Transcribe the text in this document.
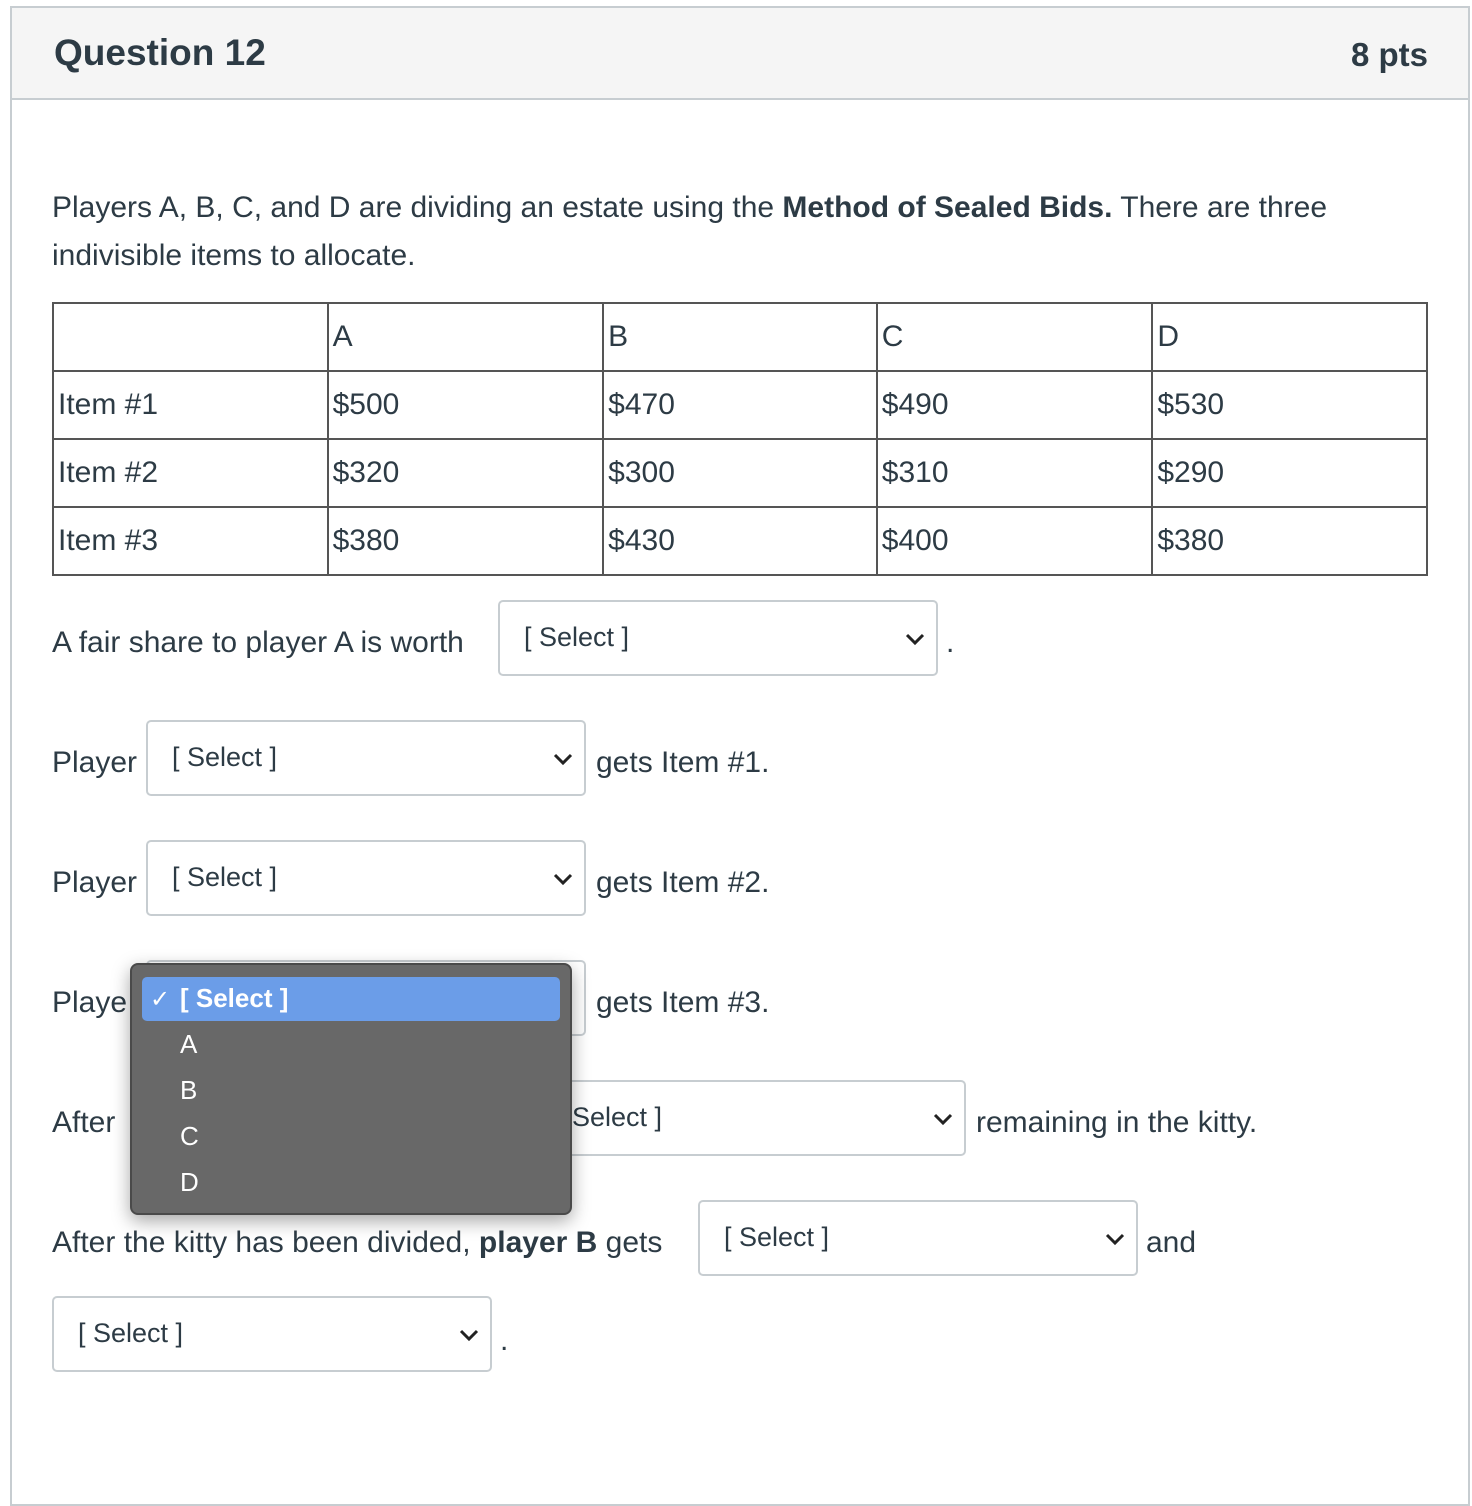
Question 12	8 pts
Players A, B, C, and D are dividing an estate using the Method of Sealed Bids. There are three indivisible items to allocate.
	A	B	C	D
Item #1	$500	$470	$490	$530
Item #2	$320	$300	$310	$290
Item #3	$380	$430	$400	$380
A fair share to player A is worth [ Select ]	.
Player [ Select ]	gets Item #1.
Player [ Select ]	gets Item #2.
Playe	gets Item #3.
After	Select ]	remaining in the kitty.
After the kitty has been divided, player B gets [ Select ]	and
[ Select ]	.
✓ [ Select ]
A
B
C
D
